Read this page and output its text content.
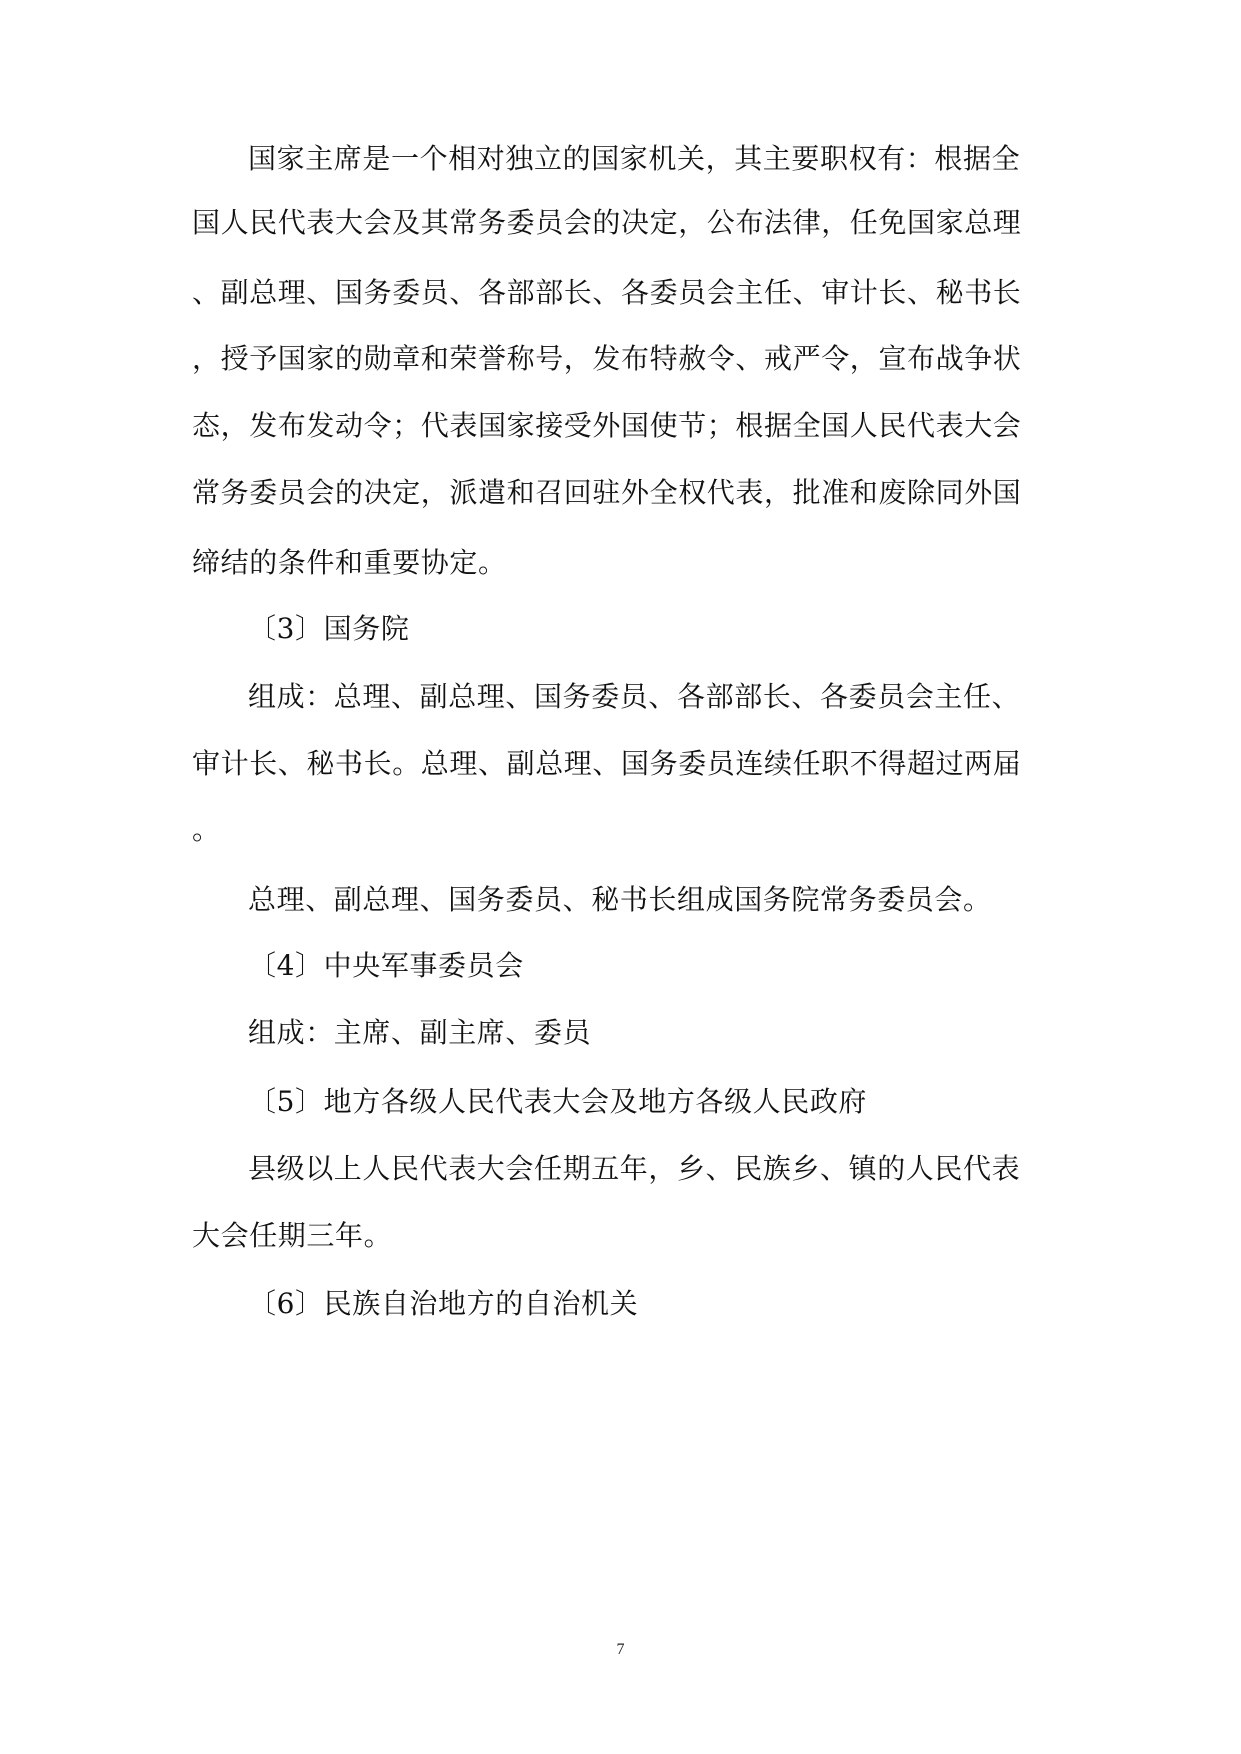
国家主席是一个相对独立的国家机关，其主要职权有：根据全
国人民代表大会及其常务委员会的决定，公布法律，任免国家总理
、副总理、国务委员、各部部长、各委员会主任、审计长、秘书长
，授予国家的勋章和荣誉称号，发布特赦令、戒严令，宣布战争状
态，发布发动令；代表国家接受外国使节；根据全国人民代表大会
常务委员会的决定，派遣和召回驻外全权代表，批准和废除同外国
缔结的条件和重要协定。
〔3〕国务院
组成：总理、副总理、国务委员、各部部长、各委员会主任、
审计长、秘书长。总理、副总理、国务委员连续任职不得超过两届
。
总理、副总理、国务委员、秘书长组成国务院常务委员会。
〔4〕中央军事委员会
组成：主席、副主席、委员
〔5〕地方各级人民代表大会及地方各级人民政府
县级以上人民代表大会任期五年，乡、民族乡、镇的人民代表
大会任期三年。
〔6〕民族自治地方的自治机关
7
